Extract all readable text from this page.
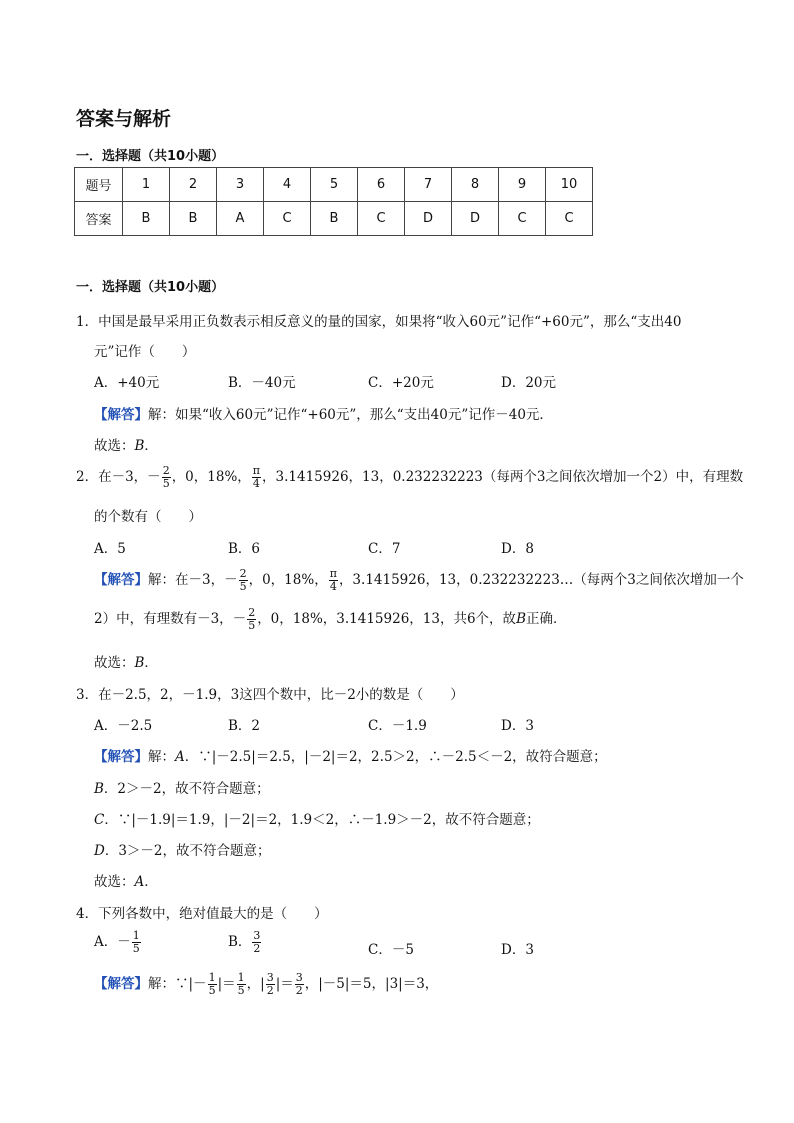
答案与解析
一．选择题（共10小题）
题号	1	2	3	4	5	6	7	8	9	10
答案	B	B	A	C	B	C	D	D	C	C
一．选择题（共10小题）
1．中国是最早采用正负数表示相反意义的量的国家，如果将“收入60元”记作“+60元”，那么“支出40
元”记作（　　）
A．+40元	B．－40元	C．+20元	D．20元
【解答】解：如果“收入60元”记作“+60元”，那么“支出40元”记作－40元．
故选：B．
2．在－3，－ $\frac{2}{5}$ ，0，18%， $\frac{\pi}{4}$ ，3.1415926，13，0.232232223（每两个3之间依次增加一个2）中，有理数
的个数有（　　）
A．5	B．6	C．7	D．8
【解答】解：在－3，－ $\frac{2}{5}$ ，0，18%， $\frac{\pi}{4}$ ，3.1415926，13，0.232232223…（每两个3之间依次增加一个
2）中，有理数有－3，－ $\frac{2}{5}$ ，0，18%，3.1415926，13，共6个，故B正确．
故选：B．
3．在－2.5，2，－1.9，3这四个数中，比－2小的数是（　　）
A．－2.5	B．2	C．－1.9	D．3
【解答】解：A．∵|－2.5|＝2.5，|－2|＝2，2.5＞2，∴－2.5＜－2，故符合题意；
B．2＞－2，故不符合题意；
C．∵|－1.9|＝1.9，|－2|＝2，1.9＜2，∴－1.9＞－2，故不符合题意；
D．3＞－2，故不符合题意；
故选：A．
4．下列各数中，绝对值最大的是（　　）
A．－ $\frac{1}{5}$	B． $\frac{3}{2}$	C．－5	D．3
【解答】解：∵|－ $\frac{1}{5}$ |＝ $\frac{1}{5}$ ，| $\frac{3}{2}$ |＝ $\frac{3}{2}$ ，|－5|＝5，|3|＝3，
